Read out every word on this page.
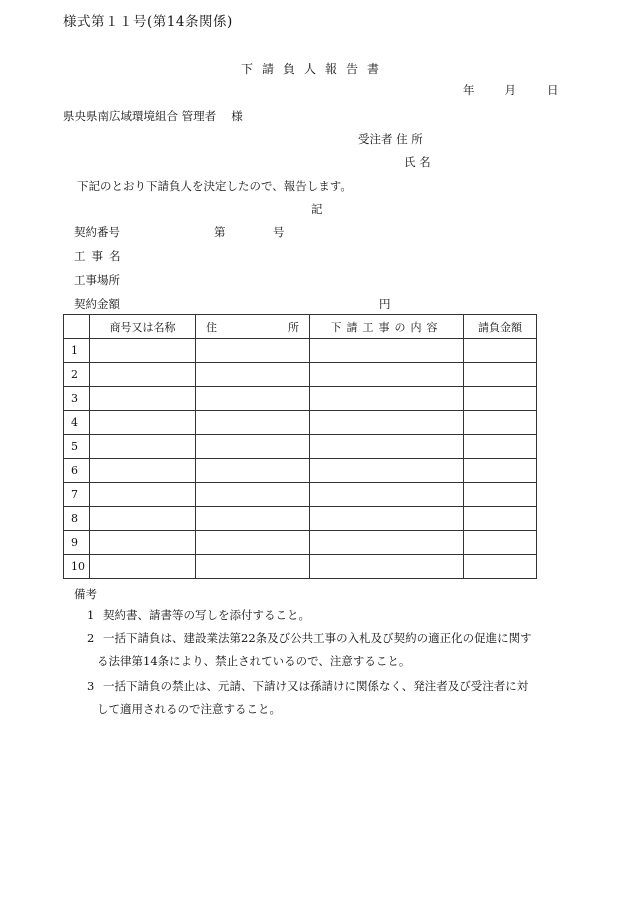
様式第１１号(第14条関係)
下請負人報告書
年	月	日
県央県南広域環境組合 管理者　 様
受注者 住 所
氏 名
下記のとおり下請負人を決定したので、報告します。
記
契約番号	第	号
工事名
工事場所
契約金額	円
	商号又は名称	住 所	下請工事の内容	請負金額
1				
2				
3				
4				
5				
6				
7				
8				
9				
10				
備考
1 契約書、請書等の写しを添付すること。
2 一括下請負は、建設業法第22条及び公共工事の入札及び契約の適正化の促進に関す
る法律第14条により、禁止されているので、注意すること。
3 一括下請負の禁止は、元請、下請け又は孫請けに関係なく、発注者及び受注者に対
して適用されるので注意すること。
